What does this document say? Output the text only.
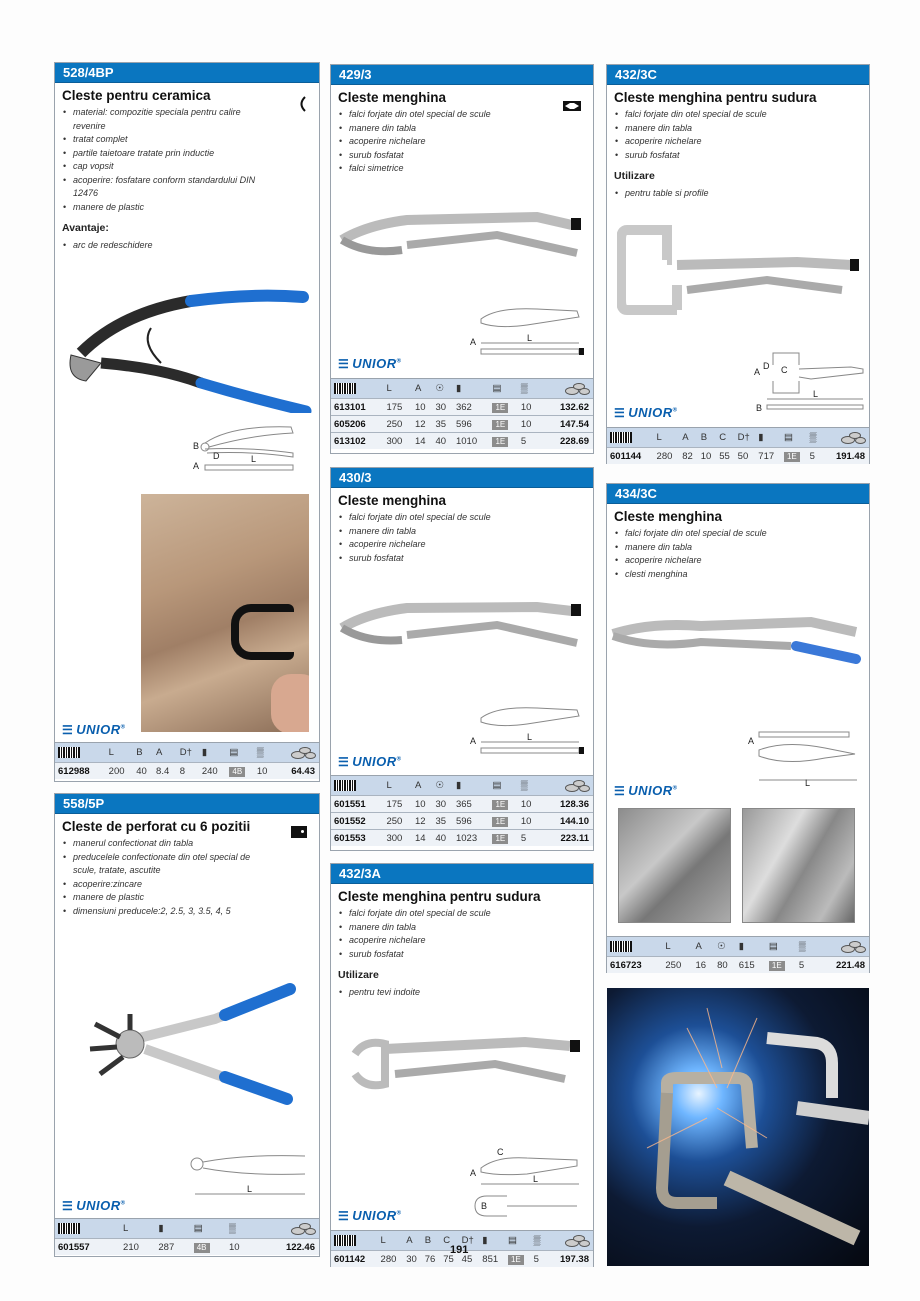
528/4BP
Cleste pentru ceramica
• material: compozitie speciala pentru calire revenire
• tratat complet
• partile taietoare tratate prin inductie
• cap vopsit
• acoperire: fosfatare conform standardului DIN 12476
• manere de plastic
Avantaje:
• arc de redeschidere
B
D
A
L
☰ UNIOR®
	L	B	A	D†	▮	▤	▒	

612988	200	40	8.4	8	240	4B	10	64.43
558/5P
Cleste de perforat cu 6 pozitii
• manerul confectionat din tabla
• preducelele confectionate din otel special de scule, tratate, ascutite
• acoperire:zincare
• manere de plastic
• dimensiuni preducele:2, 2.5, 3, 3.5, 4, 5
L
☰ UNIOR®
	L	▮	▤	▒	

601557	210	287	4B	10	122.46
429/3
Cleste menghina
• falci forjate din otel special de scule
• manere din tabla
• acoperire nichelare
• surub fosfatat
• falci simetrice
A	L
☰ UNIOR®
	L	A	☉	▮	▤	▒	

613101	175	10	30	362	1E	10	132.62
605206	250	12	35	596	1E	10	147.54
613102	300	14	40	1010	1E	5	228.69
430/3
Cleste menghina
• falci forjate din otel special de scule
• manere din tabla
• acoperire nichelare
• surub fosfatat
A	L
☰ UNIOR®
	L	A	☉	▮	▤	▒	

601551	175	10	30	365	1E	10	128.36
601552	250	12	35	596	1E	10	144.10
601553	300	14	40	1023	1E	5	223.11
432/3A
Cleste menghina pentru sudura
• falci forjate din otel special de scule
• manere din tabla
• acoperire nichelare
• surub fosfatat
Utilizare
• pentru tevi indoite
C
A
L
B
☰ UNIOR®
	L	A	B	C	D†	▮	▤	▒	

601142	280	30	76	75	45	851	1E	5	197.38
432/3C
Cleste menghina pentru sudura
• falci forjate din otel special de scule
• manere din tabla
• acoperire nichelare
• surub fosfatat
Utilizare
• pentru table si profile
A
D C
L
B
☰ UNIOR®
	L	A	B	C	D†	▮	▤	▒	

601144	280	82	10	55	50	717	1E	5	191.48
434/3C
Cleste menghina
• falci forjate din otel special de scule
• manere din tabla
• acoperire nichelare
• clesti menghina
A
L
☰ UNIOR®
	L	A	☉	▮	▤	▒	

616723	250	16	80	615	1E	5	221.48
191
